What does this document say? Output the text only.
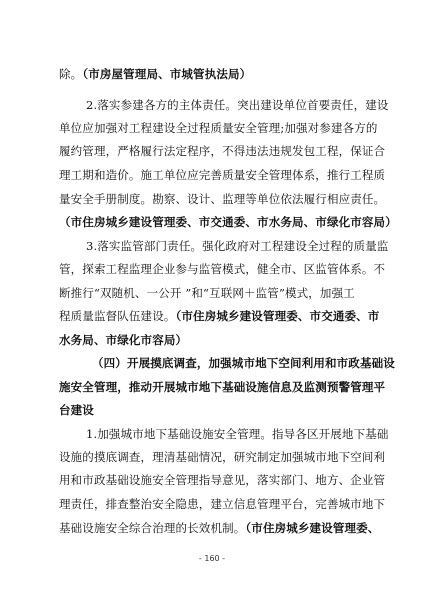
除。（市房屋管理局、市城管执法局）
2.落实参建各方的主体责任。突出建设单位首要责任，建设
单位应加强对工程建设全过程质量安全管理;加强对参建各方的
履约管理，严格履行法定程序，不得违法违规发包工程，保证合
理工期和造价。施工单位应完善质量安全管理体系，推行工程质
量安全手册制度。勘察、设计、监理等单位依法履行相应责任。
（市住房城乡建设管理委、市交通委、市水务局、市绿化市容局）
3.落实监管部门责任。强化政府对工程建设全过程的质量监
管，探索工程监理企业参与监管模式，健全市、区监管体系。不
断推行“双随机、一公开 ”和“互联网＋监管”模式，加强工
程质量监督队伍建设。（市住房城乡建设管理委、市交通委、市
水务局、市绿化市容局）
（四）开展摸底调查，加强城市地下空间利用和市政基础设
施安全管理，推动开展城市地下基础设施信息及监测预警管理平
台建设
1.加强城市地下基础设施安全管理。指导各区开展地下基础
设施的摸底调查，理清基础情况，研究制定加强城市地下空间利
用和市政基础设施安全管理指导意见，落实部门、地方、企业管
理责任，排查整治安全隐患，建立信息管理平台，完善城市地下
基础设施安全综合治理的长效机制。（市住房城乡建设管理委、
- 160 -
